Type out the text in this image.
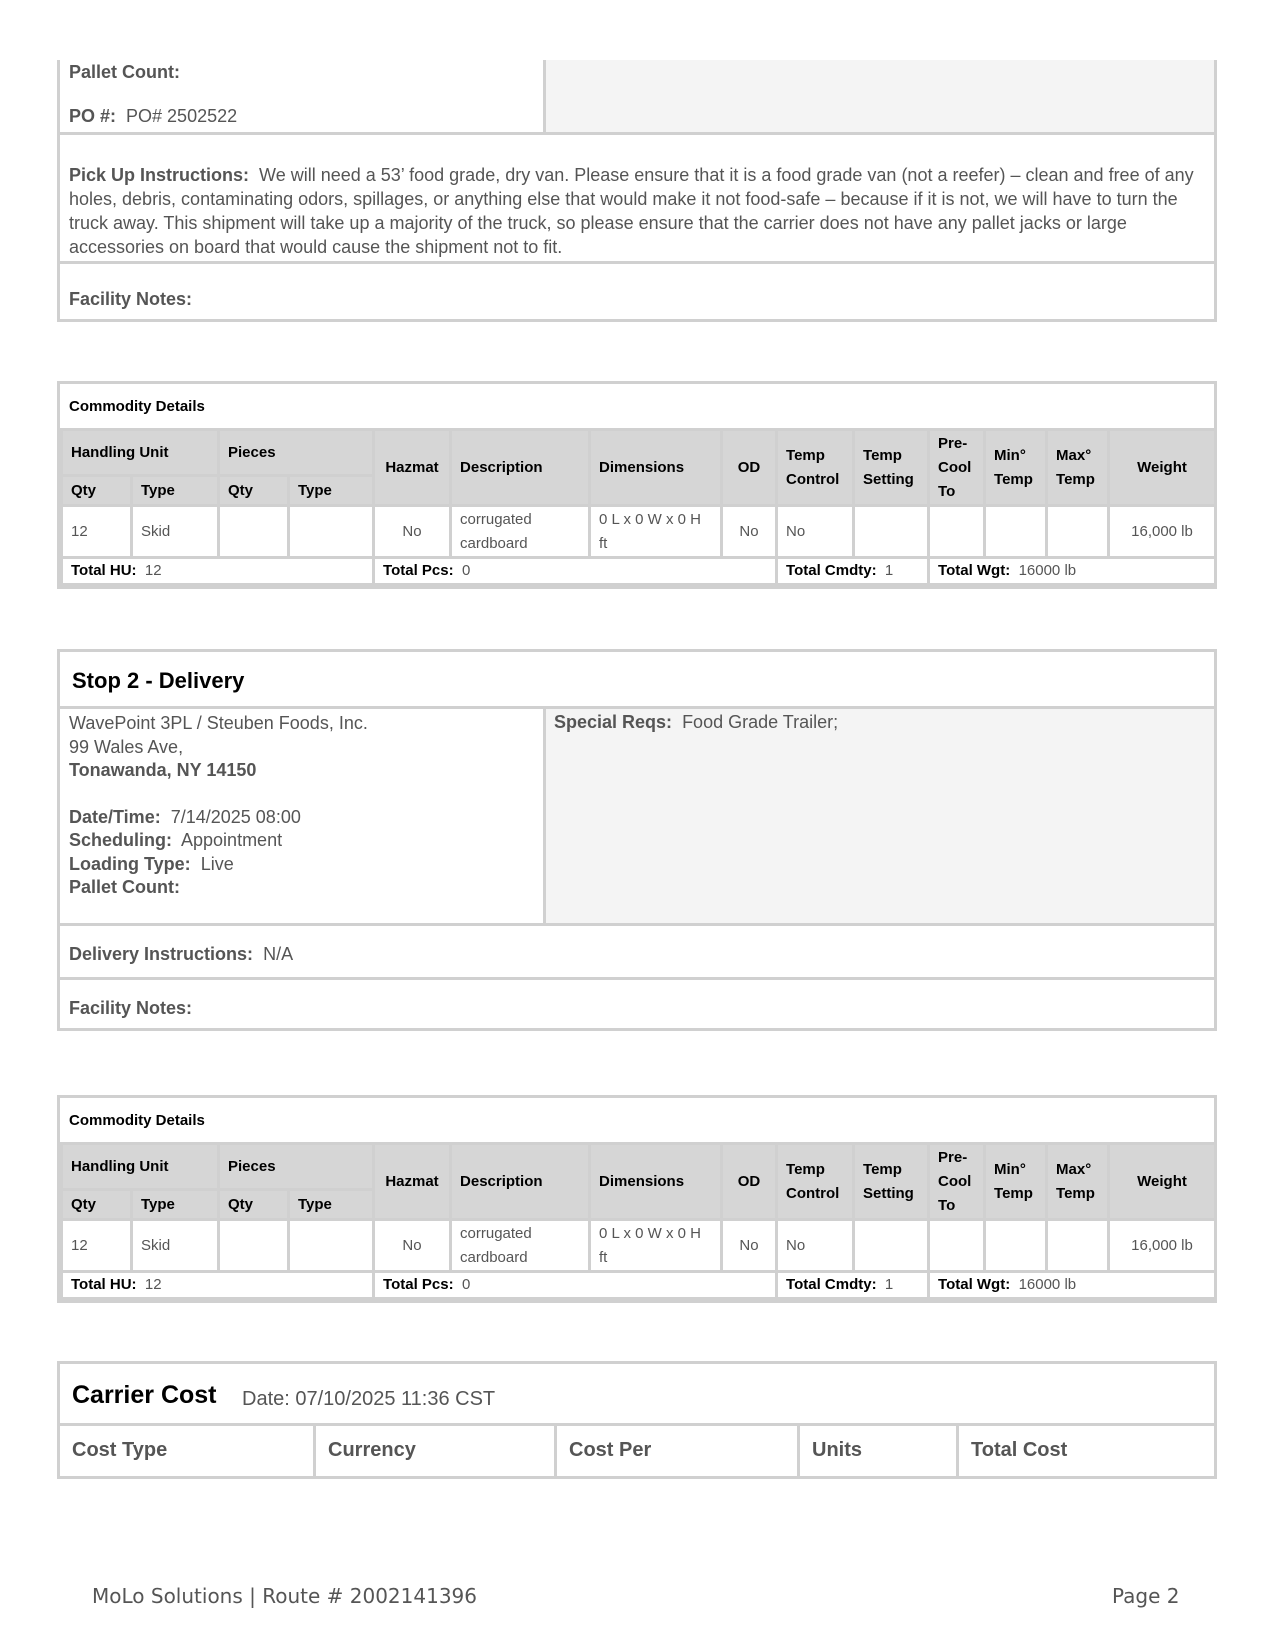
Pallet Count:
PO #: PO# 2502522
Pick Up Instructions: We will need a 53’ food grade, dry van. Please ensure that it is a food grade van (not a reefer) – clean and free of any holes, debris, contaminating odors, spillages, or anything else that would make it not food-safe – because if it is not, we will have to turn the truck away. This shipment will take up a majority of the truck, so please ensure that the carrier does not have any pallet jacks or large accessories on board that would cause the shipment not to fit.
Facility Notes:
Commodity Details
Handling Unit		Pieces		Hazmat	Description	Dimensions	OD	Temp Control	Temp Setting	Pre-Cool To	Min° Temp	Max° Temp	Weight
Qty	Type	Qty	Type										
12	Skid			No	corrugated cardboard	0 L x 0 W x 0 H ft	No	No					16,000 lb
Total HU: 12				Total Pcs: 0				Total Cmdty: 1		Total Wgt: 16000 lb			
Stop 2 - Delivery
WavePoint 3PL / Steuben Foods, Inc.
99 Wales Ave,
Tonawanda, NY 14150
Date/Time: 7/14/2025 08:00
Scheduling: Appointment
Loading Type: Live
Pallet Count:
Special Reqs: Food Grade Trailer;
Delivery Instructions: N/A
Facility Notes:
Commodity Details
Handling Unit		Pieces		Hazmat	Description	Dimensions	OD	Temp Control	Temp Setting	Pre-Cool To	Min° Temp	Max° Temp	Weight
Qty	Type	Qty	Type										
12	Skid			No	corrugated cardboard	0 L x 0 W x 0 H ft	No	No					16,000 lb
Total HU: 12				Total Pcs: 0				Total Cmdty: 1		Total Wgt: 16000 lb			
Carrier Cost Date: 07/10/2025 11:36 CST
Cost Type	Currency	Cost Per	Units	Total Cost
MoLo Solutions | Route # 2002141396	Page 2
